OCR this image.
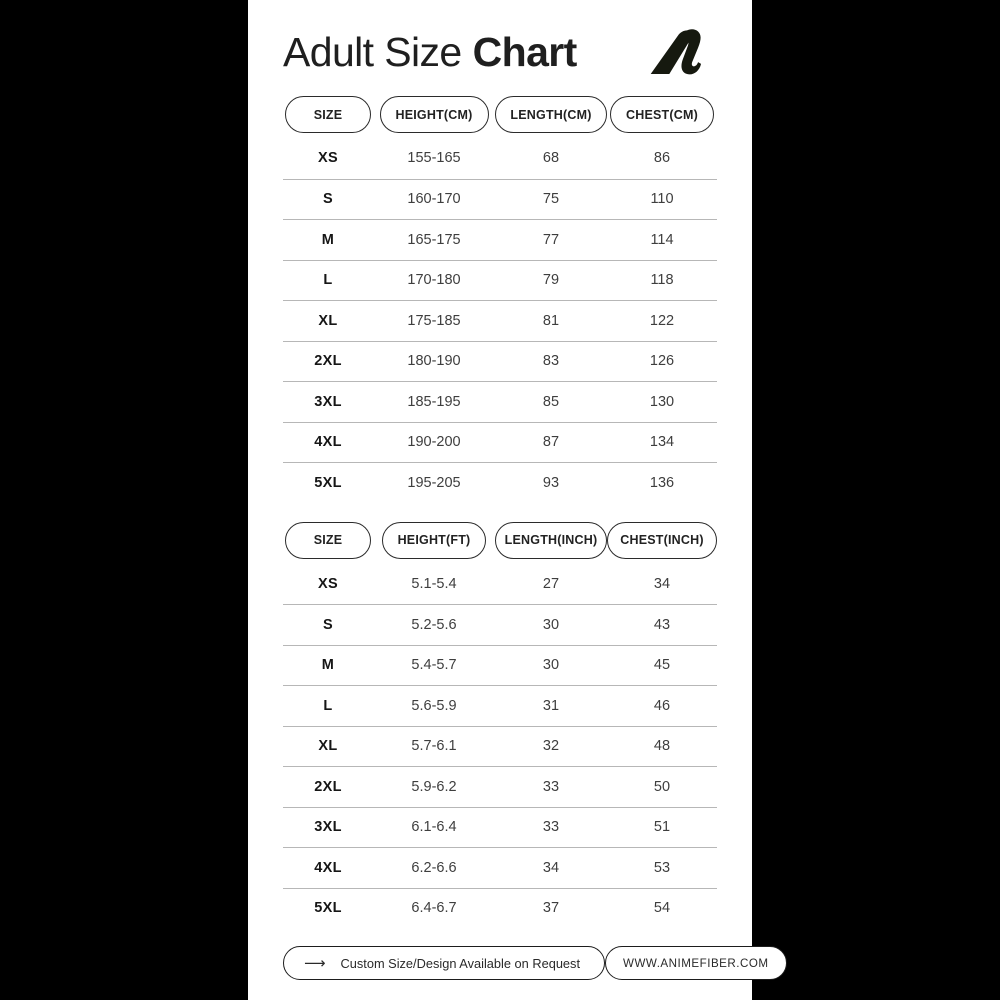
Adult Size Chart
SIZE	HEIGHT(CM)	LENGTH(CM)	CHEST(CM)
XS	155-165	68	86
S	160-170	75	110
M	165-175	77	114
L	170-180	79	118
XL	175-185	81	122
2XL	180-190	83	126
3XL	185-195	85	130
4XL	190-200	87	134
5XL	195-205	93	136
SIZE	HEIGHT(FT)	LENGTH(INCH)	CHEST(INCH)
XS	5.1-5.4	27	34
S	5.2-5.6	30	43
M	5.4-5.7	30	45
L	5.6-5.9	31	46
XL	5.7-6.1	32	48
2XL	5.9-6.2	33	50
3XL	6.1-6.4	33	51
4XL	6.2-6.6	34	53
5XL	6.4-6.7	37	54
⟶ Custom Size/Design Available on Request	WWW.ANIMEFIBER.COM
